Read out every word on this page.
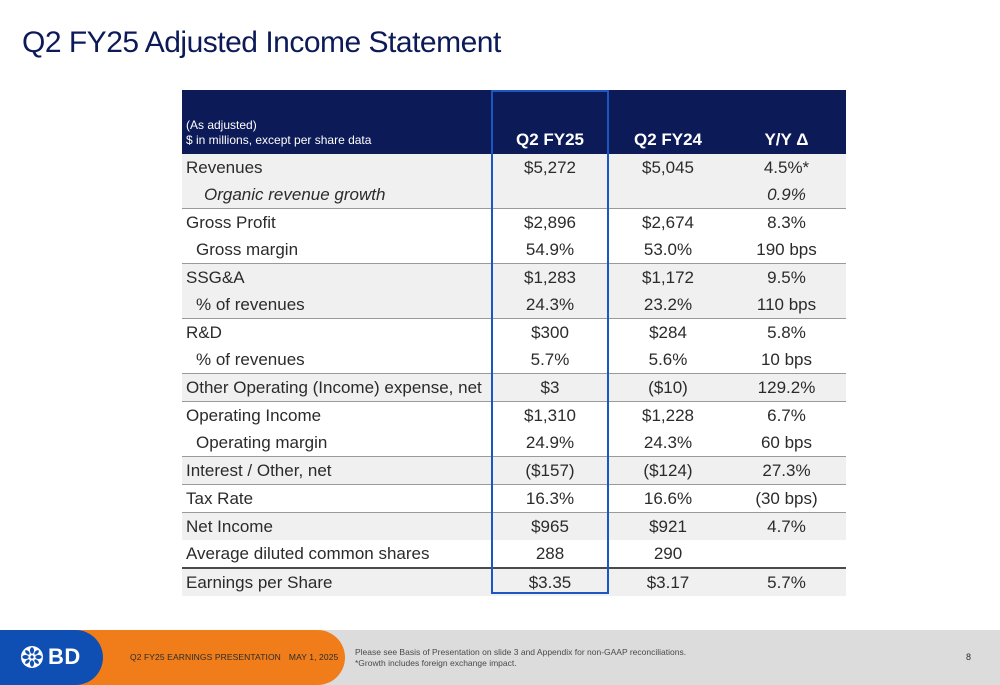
Q2 FY25 Adjusted Income Statement
(As adjusted)
$ in millions, except per share data	Q2 FY25	Q2 FY24	Y/Y Δ
Revenues	$5,272	$5,045	4.5%*
Organic revenue growth			0.9%
Gross Profit	$2,896	$2,674	8.3%
Gross margin	54.9%	53.0%	190 bps
SSG&A	$1,283	$1,172	9.5%
% of revenues	24.3%	23.2%	110 bps
R&D	$300	$284	5.8%
% of revenues	5.7%	5.6%	10 bps
Other Operating (Income) expense, net	$3	($10)	129.2%
Operating Income	$1,310	$1,228	6.7%
Operating margin	24.9%	24.3%	60 bps
Interest / Other, net	($157)	($124)	27.3%
Tax Rate	16.3%	16.6%	(30 bps)
Net Income	$965	$921	4.7%
Average diluted common shares	288	290	
Earnings per Share	$3.35	$3.17	5.7%
Q2 FY25 EARNINGS PRESENTATION MAY 1, 2025
BD	Please see Basis of Presentation on slide 3 and Appendix for non-GAAP reconciliations.
*Growth includes foreign exchange impact.
8
